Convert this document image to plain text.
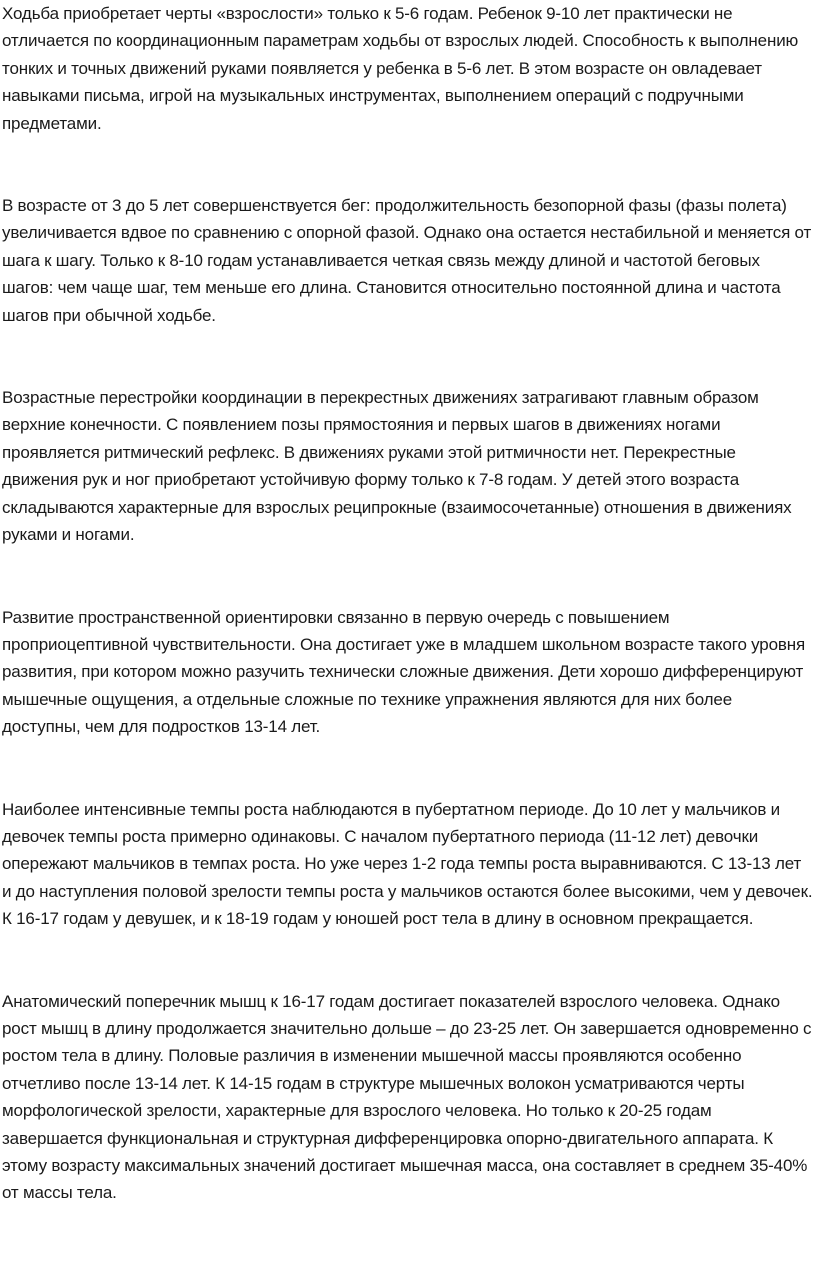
Ходьба приобретает черты «взрослости» только к 5-6 годам. Ребенок 9-10 лет практически не отличается по координационным параметрам ходьбы от взрослых людей. Способность к выполнению тонких и точных движений руками появляется у ребенка в 5-6 лет. В этом возрасте он овладевает навыками письма, игрой на музыкальных инструментах, выполнением операций с подручными предметами.

В возрасте от 3 до 5 лет совершенствуется бег: продолжительность безопорной фазы (фазы полета) увеличивается вдвое по сравнению с опорной фазой. Однако она остается нестабильной и меняется от шага к шагу. Только к 8-10 годам устанавливается четкая связь между длиной и частотой беговых шагов: чем чаще шаг, тем меньше его длина. Становится относительно постоянной длина и частота шагов при обычной ходьбе.

Возрастные перестройки координации в перекрестных движениях затрагивают главным образом верхние конечности. С появлением позы прямостояния и первых шагов в движениях ногами проявляется ритмический рефлекс. В движениях руками этой ритмичности нет. Перекрестные движения рук и ног приобретают устойчивую форму только к 7-8 годам. У детей этого возраста складываются характерные для взрослых реципрокные (взаимосочетанные) отношения в движениях руками и ногами.

Развитие пространственной ориентировки связанно в первую очередь с повышением проприоцептивной чувствительности. Она достигает уже в младшем школьном возрасте такого уровня развития, при котором можно разучить технически сложные движения. Дети хорошо дифференцируют мышечные ощущения, а отдельные сложные по технике упражнения являются для них более доступны, чем для подростков 13-14 лет.

Наиболее интенсивные темпы роста наблюдаются в пубертатном периоде. До 10 лет у мальчиков и девочек темпы роста примерно одинаковы. С началом пубертатного периода (11-12 лет) девочки опережают мальчиков в темпах роста. Но уже через 1-2 года темпы роста выравниваются. С 13-13 лет и до наступления половой зрелости темпы роста у мальчиков остаются более высокими, чем у девочек. К 16-17 годам у девушек, и к 18-19 годам у юношей рост тела в длину в основном прекращается.

Анатомический поперечник мышц к 16-17 годам достигает показателей взрослого человека. Однако рост мышц в длину продолжается значительно дольше – до 23-25 лет. Он завершается одновременно с ростом тела в длину. Половые различия в изменении мышечной массы проявляются особенно отчетливо после 13-14 лет. К 14-15 годам в структуре мышечных волокон усматриваются черты морфологической зрелости, характерные для взрослого человека. Но только к 20-25 годам завершается функциональная и структурная дифференцировка опорно-двигательного аппарата. К этому возрасту максимальных значений достигает мышечная масса, она составляет в среднем 35-40% от массы тела.
